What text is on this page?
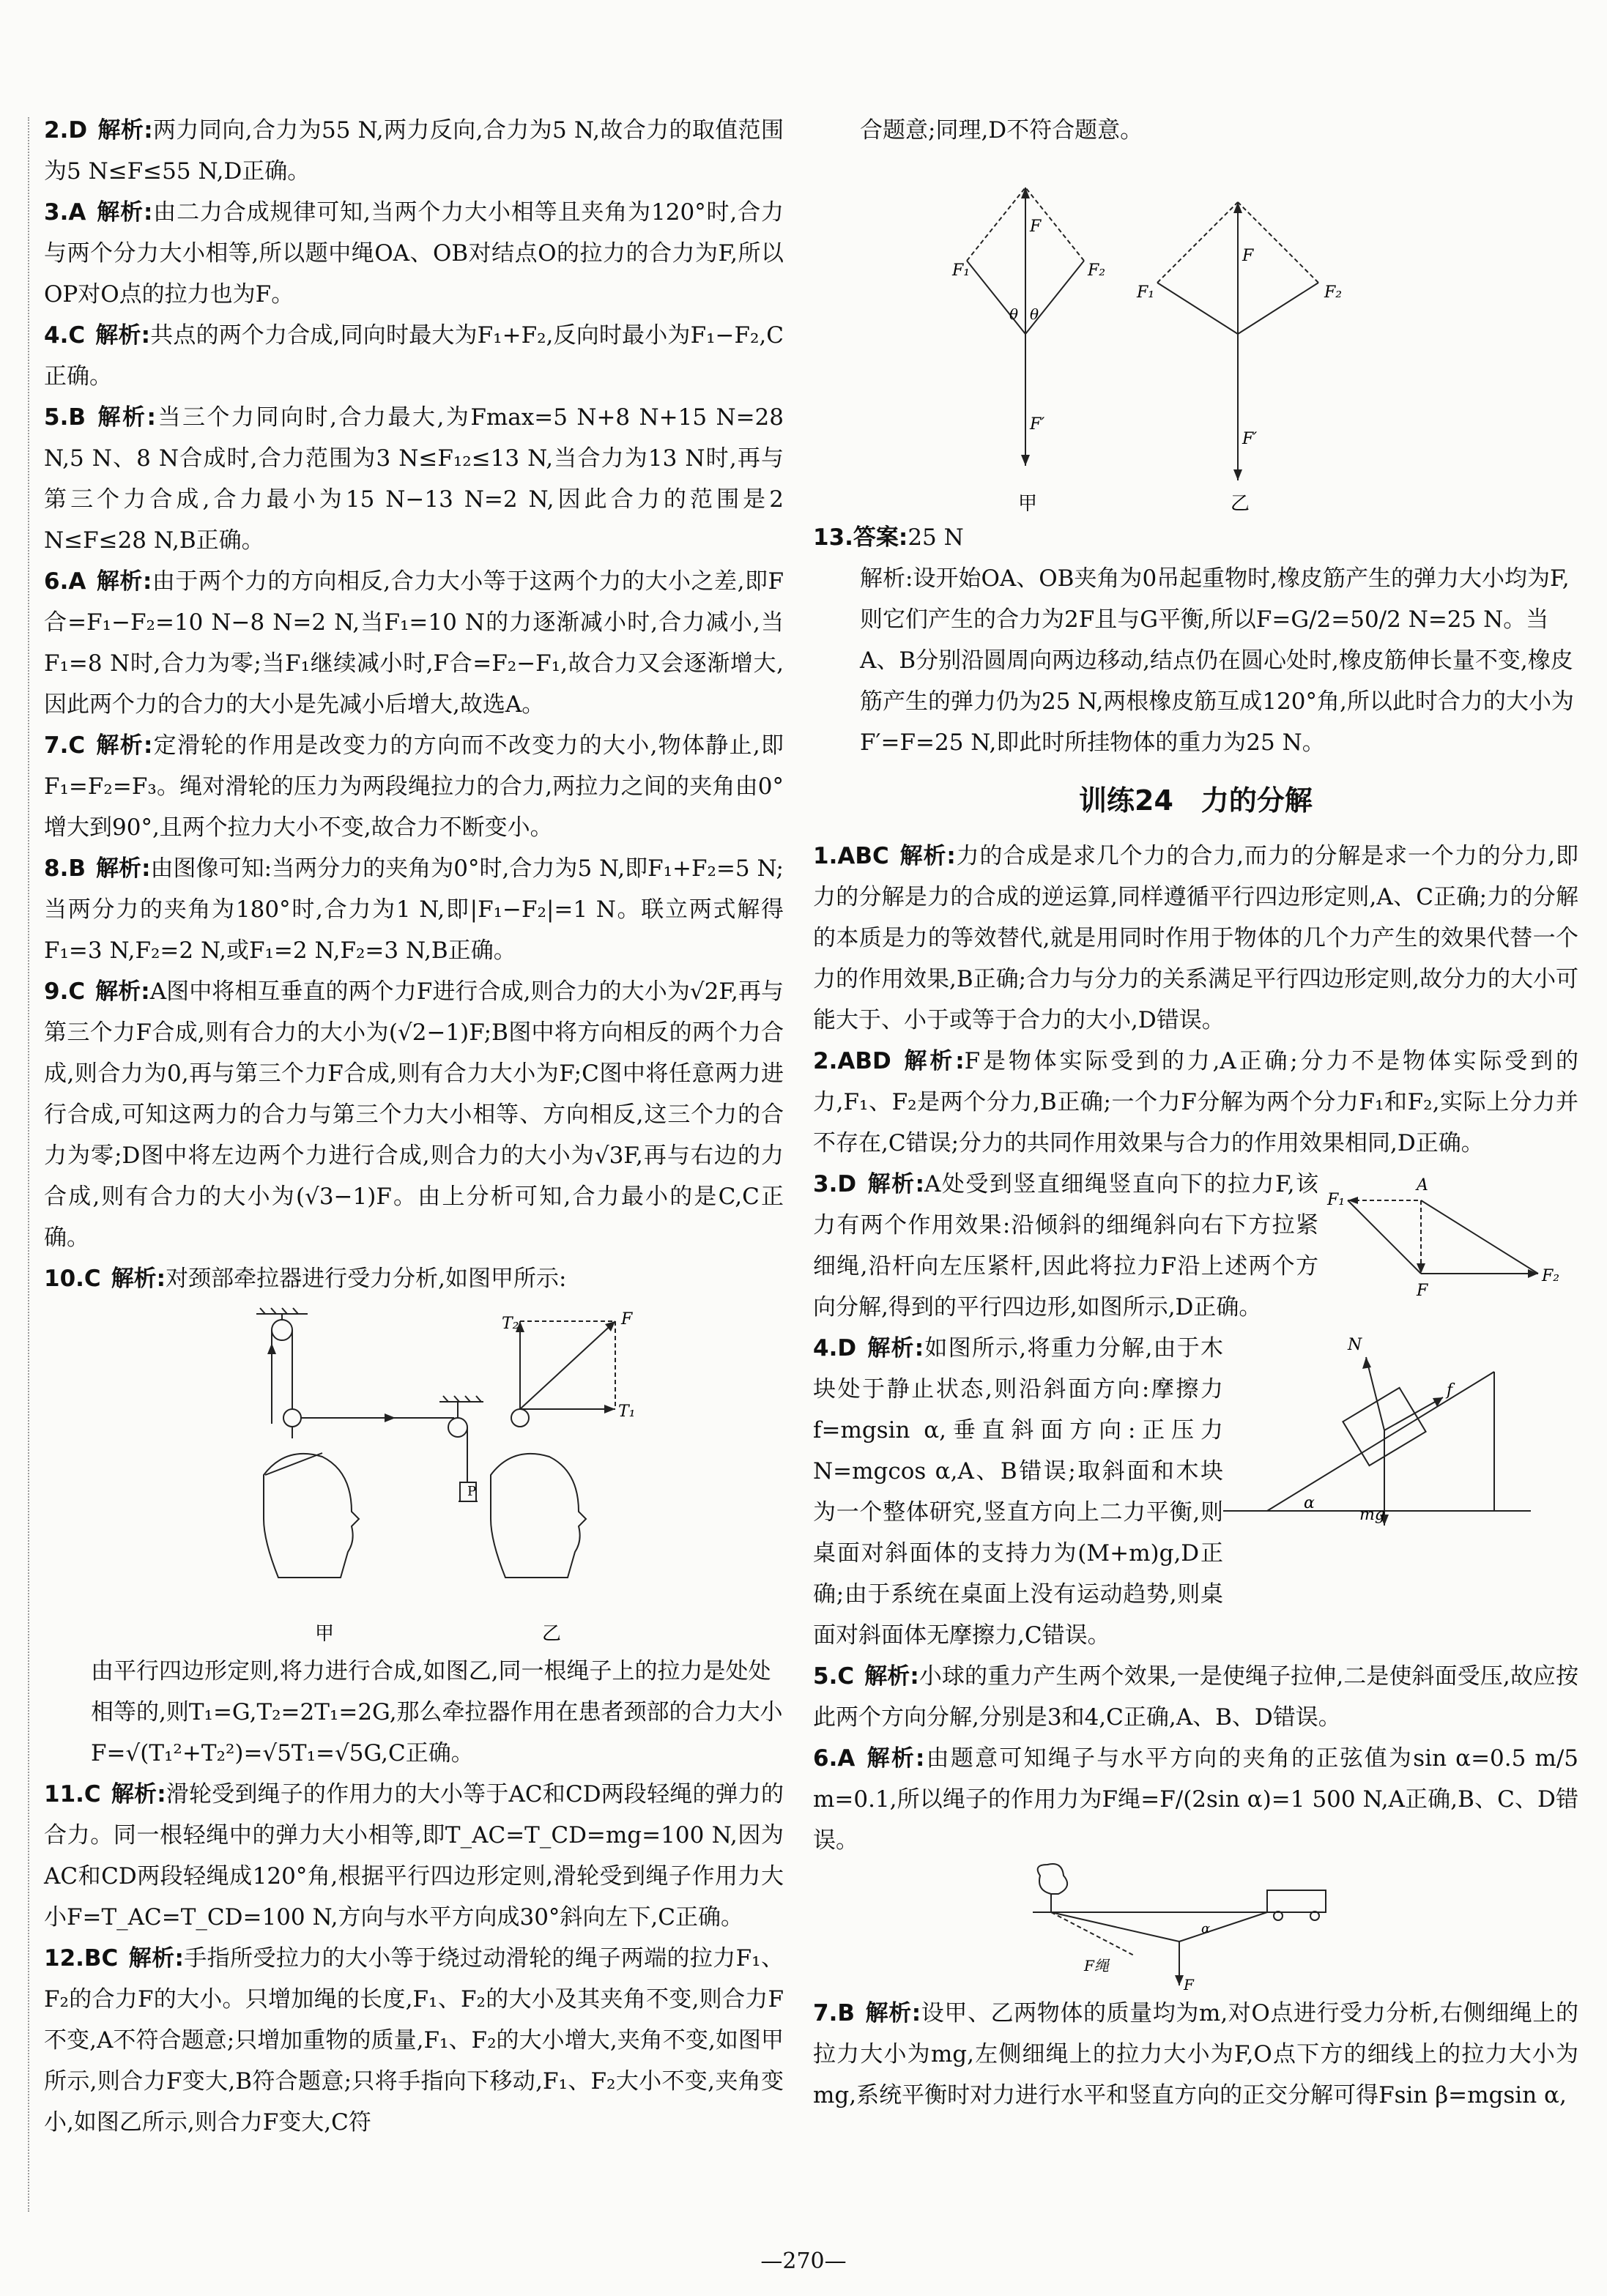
2.D 解析:两力同向,合力为55 N,两力反向,合力为5 N,故合力的取值范围为5 N≤F≤55 N,D正确。

3.A 解析:由二力合成规律可知,当两个力大小相等且夹角为120°时,合力与两个分力大小相等,所以题中绳OA、OB对结点O的拉力的合力为F,所以OP对O点的拉力也为F。

4.C 解析:共点的两个力合成,同向时最大为F₁+F₂,反向时最小为F₁−F₂,C正确。

5.B 解析:当三个力同向时,合力最大,为Fmax=5 N+8 N+15 N=28 N,5 N、8 N合成时,合力范围为3 N≤F₁₂≤13 N,当合力为13 N时,再与第三个力合成,合力最小为15 N−13 N=2 N,因此合力的范围是2 N≤F≤28 N,B正确。

6.A 解析:由于两个力的方向相反,合力大小等于这两个力的大小之差,即F合=F₁−F₂=10 N−8 N=2 N,当F₁=10 N的力逐渐减小时,合力减小,当F₁=8 N时,合力为零;当F₁继续减小时,F合=F₂−F₁,故合力又会逐渐增大,因此两个力的合力的大小是先减小后增大,故选A。

7.C 解析:定滑轮的作用是改变力的方向而不改变力的大小,物体静止,即F₁=F₂=F₃。绳对滑轮的压力为两段绳拉力的合力,两拉力之间的夹角由0°增大到90°,且两个拉力大小不变,故合力不断变小。

8.B 解析:由图像可知:当两分力的夹角为0°时,合力为5 N,即F₁+F₂=5 N;当两分力的夹角为180°时,合力为1 N,即|F₁−F₂|=1 N。联立两式解得F₁=3 N,F₂=2 N,或F₁=2 N,F₂=3 N,B正确。

9.C 解析:A图中将相互垂直的两个力F进行合成,则合力的大小为√2F,再与第三个力F合成,则有合力的大小为(√2−1)F;B图中将方向相反的两个力合成,则合力为0,再与第三个力F合成,则有合力大小为F;C图中将任意两力进行合成,可知这两力的合力与第三个力大小相等、方向相反,这三个力的合力为零;D图中将左边两个力进行合成,则合力的大小为√3F,再与右边的力合成,则有合力的大小为(√3−1)F。由上分析可知,合力最小的是C,C正确。

10.C 解析:对颈部牵拉器进行受力分析,如图甲所示:

P
T₂	F
T₁
甲	乙

由平行四边形定则,将力进行合成,如图乙,同一根绳子上的拉力是处处相等的,则T₁=G,T₂=2T₁=2G,那么牵拉器作用在患者颈部的合力大小F=√(T₁²+T₂²)=√5T₁=√5G,C正确。

11.C 解析:滑轮受到绳子的作用力的大小等于AC和CD两段轻绳的弹力的合力。同一根轻绳中的弹力大小相等,即T_AC=T_CD=mg=100 N,因为AC和CD两段轻绳成120°角,根据平行四边形定则,滑轮受到绳子作用力大小F=T_AC=T_CD=100 N,方向与水平方向成30°斜向左下,C正确。

12.BC 解析:手指所受拉力的大小等于绕过动滑轮的绳子两端的拉力F₁、F₂的合力F的大小。只增加绳的长度,F₁、F₂的大小及其夹角不变,则合力F不变,A不符合题意;只增加重物的质量,F₁、F₂的大小增大,夹角不变,如图甲所示,则合力F变大,B符合题意;只将手指向下移动,F₁、F₂大小不变,夹角变小,如图乙所示,则合力F变大,C符

合题意;同理,D不符合题意。

F₁	F₂
F
F′
θ θ
F₁	F₂
F
F′
甲	乙

13.答案:25 N

解析:设开始OA、OB夹角为0吊起重物时,橡皮筋产生的弹力大小均为F,则它们产生的合力为2F且与G平衡,所以F=G/2=50/2 N=25 N。当A、B分别沿圆周向两边移动,结点仍在圆心处时,橡皮筋伸长量不变,橡皮筋产生的弹力仍为25 N,两根橡皮筋互成120°角,所以此时合力的大小为F′=F=25 N,即此时所挂物体的重力为25 N。

训练24　力的分解

1.ABC 解析:力的合成是求几个力的合力,而力的分解是求一个力的分力,即力的分解是力的合成的逆运算,同样遵循平行四边形定则,A、C正确;力的分解的本质是力的等效替代,就是用同时作用于物体的几个力产生的效果代替一个力的作用效果,B正确;合力与分力的关系满足平行四边形定则,故分力的大小可能大于、小于或等于合力的大小,D错误。

2.ABD 解析:F是物体实际受到的力,A正确;分力不是物体实际受到的力,F₁、F₂是两个分力,B正确;一个力F分解为两个分力F₁和F₂,实际上分力并不存在,C错误;分力的共同作用效果与合力的作用效果相同,D正确。

3.D 解析:A处受到竖直细绳竖直向下的拉力F,该力有两个作用效果:沿倾斜的细绳斜向右下方拉紧细绳,沿杆向左压紧杆,因此将拉力F沿上述两个方向分解,得到的平行四边形,如图所示,D正确。

A
F₁
F₂
F

4.D 解析:如图所示,将重力分解,由于木块处于静止状态,则沿斜面方向:摩擦力f=mgsin α,垂直斜面方向:正压力N=mgcos α,A、B错误;取斜面和木块为一个整体研究,竖直方向上二力平衡,则桌面对斜面体的支持力为(M+m)g,D正确;由于系统在桌面上没有运动趋势,则桌面对斜面体无摩擦力,C错误。

N
f
mg
α

5.C 解析:小球的重力产生两个效果,一是使绳子拉伸,二是使斜面受压,故应按此两个方向分解,分别是3和4,C正确,A、B、D错误。

6.A 解析:由题意可知绳子与水平方向的夹角的正弦值为sin α=0.5 m/5 m=0.1,所以绳子的作用力为F绳=F/(2sin α)=1 500 N,A正确,B、C、D错误。

F
F绳
α

7.B 解析:设甲、乙两物体的质量均为m,对O点进行受力分析,右侧细绳上的拉力大小为mg,左侧细绳上的拉力大小为F,O点下方的细线上的拉力大小为mg,系统平衡时对力进行水平和竖直方向的正交分解可得Fsin β=mgsin α,

—270—
